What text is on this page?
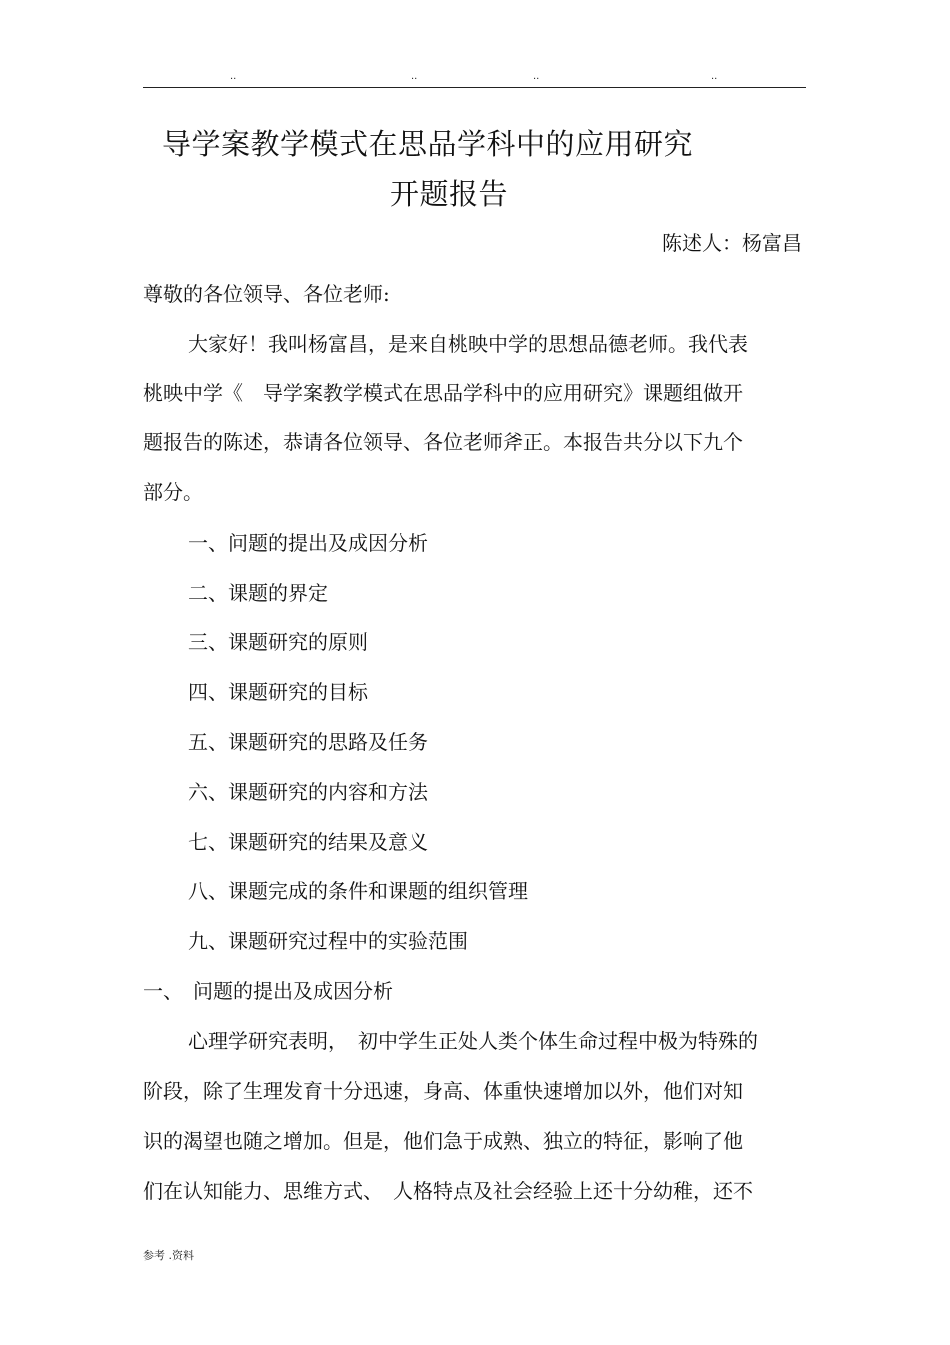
..	..	..	..
导学案教学模式在思品学科中的应用研究
开题报告
陈述人：杨富昌
尊敬的各位领导、各位老师:
大家好！我叫杨富昌，是来自桃映中学的思想品德老师。我代表
桃映中学《　导学案教学模式在思品学科中的应用研究》课题组做开
题报告的陈述，恭请各位领导、各位老师斧正。本报告共分以下九个
部分。
一、问题的提出及成因分析
二、课题的界定
三、课题研究的原则
四、课题研究的目标
五、课题研究的思路及任务
六、课题研究的内容和方法
七、课题研究的结果及意义
八、课题完成的条件和课题的组织管理
九、课题研究过程中的实验范围
一、　问题的提出及成因分析
心理学研究表明，　初中学生正处人类个体生命过程中极为特殊的
阶段，除了生理发育十分迅速，身高、体重快速增加以外，他们对知
识的渴望也随之增加。但是，他们急于成熟、独立的特征，影响了他
们在认知能力、思维方式、　人格特点及社会经验上还十分幼稚，还不
参考 .资料
